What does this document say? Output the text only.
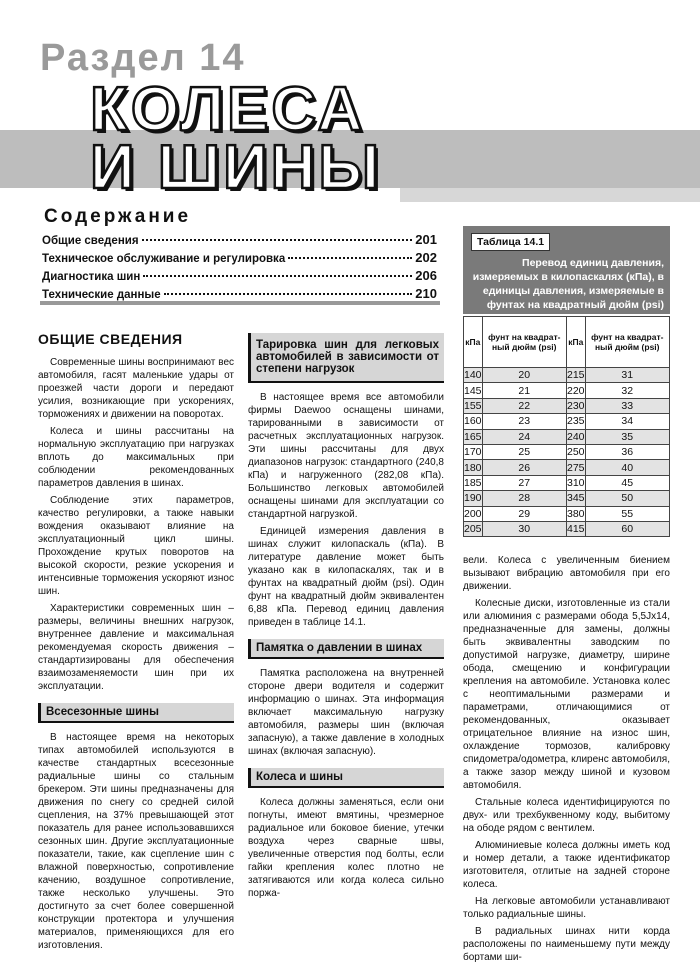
Раздел 14
КОЛЕСА
И ШИНЫ
Содержание
Общие сведения	201
Техническое обслуживание и регулировка	202
Диагностика шин	206
Технические данные	210
Таблица 14.1
Перевод единиц давления, измеряемых в килопаскалях (кПа), в единицы давления, измеряемые в фунтах на квадратный дюйм (psi)
кПа	фунт на квадрат-ный дюйм (psi)	кПа	фунт на квадрат-ный дюйм (psi)
140	20	215	31
145	21	220	32
155	22	230	33
160	23	235	34
165	24	240	35
170	25	250	36
180	26	275	40
185	27	310	45
190	28	345	50
200	29	380	55
205	30	415	60
ОБЩИЕ СВЕДЕНИЯ

Современные шины воспринимают вес автомобиля, гасят маленькие удары от проезжей части дороги и передают усилия, возникающие при ускорениях, торможениях и движении на поворотах.

Колеса и шины рассчитаны на нормальную эксплуатацию при нагрузках вплоть до максимальных при соблюдении рекомендованных параметров давления в шинах.

Соблюдение этих параметров, качество регулировки, а также навыки вождения оказывают влияние на эксплуатационный цикл шины. Прохождение крутых поворотов на высокой скорости, резкие ускорения и интенсивные торможения ускоряют износ шин.

Характеристики современных шин – размеры, величины внешних нагрузок, внутреннее давление и максимальная рекомендуемая скорость движения – стандартизированы для обеспечения взаимозаменяемости шин при их эксплуатации.

Всесезонные шины

В настоящее время на некоторых типах автомобилей используются в качестве стандартных всесезонные радиальные шины со стальным брекером. Эти шины предназначены для движения по снегу со средней силой сцепления, на 37% превышающей этот показатель для ранее использовавшихся сезонных шин. Другие эксплуатационные показатели, такие, как сцепление шин с влажной поверхностью, сопротивление качению, воздушное сопротивление, также несколько улучшены. Это достигнуто за счет более совершенной конструкции протектора и улучшения материалов, применяющихся для его изготовления.

Тарировка шин для легковых автомобилей в зависимости от степени нагрузок

В настоящее время все автомобили фирмы Daewoo оснащены шинами, тарированными в зависимости от расчетных эксплуатационных нагрузок. Эти шины рассчитаны для двух диапазонов нагрузок: стандартного (240,8 кПа) и нагруженного (282,08 кПа). Большинство легковых автомобилей оснащены шинами для эксплуатации со стандартной нагрузкой.

Единицей измерения давления в шинах служит килопаскаль (кПа). В литературе давление может быть указано как в килопаскалях, так и в фунтах на квадратный дюйм (psi). Один фунт на квадратный дюйм эквивалентен 6,88 кПа. Перевод единиц давления приведен в таблице 14.1.

Памятка о давлении в шинах

Памятка расположена на внутренней стороне двери водителя и содержит информацию о шинах. Эта информация включает максимальную нагрузку автомобиля, размеры шин (включая запасную), а также давление в холодных шинах (включая запасную).

Колеса и шины

Колеса должны заменяться, если они погнуты, имеют вмятины, чрезмерное радиальное или боковое биение, утечки воздуха через сварные швы, увеличенные отверстия под болты, если гайки крепления колес плотно не затягиваются или когда колеса сильно поржа-

вели. Колеса с увеличенным биением вызывают вибрацию автомобиля при его движении.

Колесные диски, изготовленные из стали или алюминия с размерами обода 5,5Jx14, предназначенные для замены, должны быть эквивалентны заводским по допустимой нагрузке, диаметру, ширине обода, смещению и конфигурации крепления на автомобиле. Установка колес с неоптимальными размерами и параметрами, отличающимися от рекомендованных, оказывает отрицательное влияние на износ шин, охлаждение тормозов, калибровку спидометра/одометра, клиренс автомобиля, а также зазор между шиной и кузовом автомобиля.

Стальные колеса идентифицируются по двух- или трехбуквенному коду, выбитому на ободе рядом с вентилем.

Алюминиевые колеса должны иметь код и номер детали, а также идентификатор изготовителя, отлитые на задней стороне колеса.

На легковые автомобили устанавливают только радиальные шины.

В радиальных шинах нити корда расположены по наименьшему пути между бортами ши-
